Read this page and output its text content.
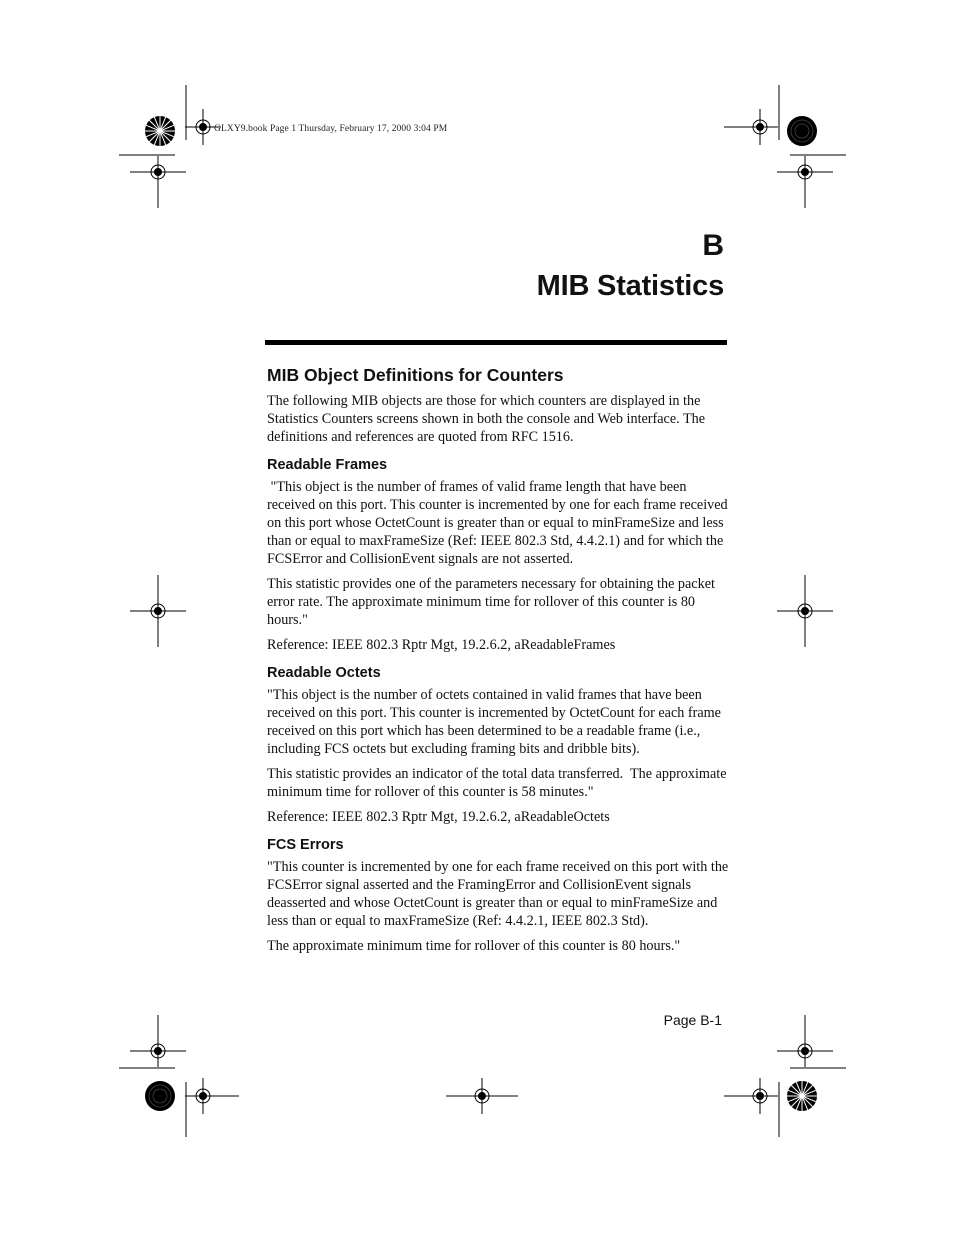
GLXY9.book Page 1 Thursday, February 17, 2000 3:04 PM
B
MIB Statistics
MIB Object Definitions for Counters

The following MIB objects are those for which counters are displayed in the Statistics Counters screens shown in both the console and Web interface. The definitions and references are quoted from RFC 1516.

Readable Frames

"This object is the number of frames of valid frame length that have been received on this port. This counter is incremented by one for each frame received on this port whose OctetCount is greater than or equal to minFrameSize and less than or equal to maxFrameSize (Ref: IEEE 802.3 Std, 4.4.2.1) and for which the FCSError and CollisionEvent signals are not asserted.

This statistic provides one of the parameters necessary for obtaining the packet error rate. The approximate minimum time for rollover of this counter is 80 hours."

Reference: IEEE 802.3 Rptr Mgt, 19.2.6.2, aReadableFrames

Readable Octets

"This object is the number of octets contained in valid frames that have been received on this port. This counter is incremented by OctetCount for each frame received on this port which has been determined to be a readable frame (i.e., including FCS octets but excluding framing bits and dribble bits).

This statistic provides an indicator of the total data transferred.  The approximate minimum time for rollover of this counter is 58 minutes."

Reference: IEEE 802.3 Rptr Mgt, 19.2.6.2, aReadableOctets

FCS Errors

"This counter is incremented by one for each frame received on this port with the FCSError signal asserted and the FramingError and CollisionEvent signals deasserted and whose OctetCount is greater than or equal to minFrameSize and less than or equal to maxFrameSize (Ref: 4.4.2.1, IEEE 802.3 Std).

The approximate minimum time for rollover of this counter is 80 hours."

Page B-1
